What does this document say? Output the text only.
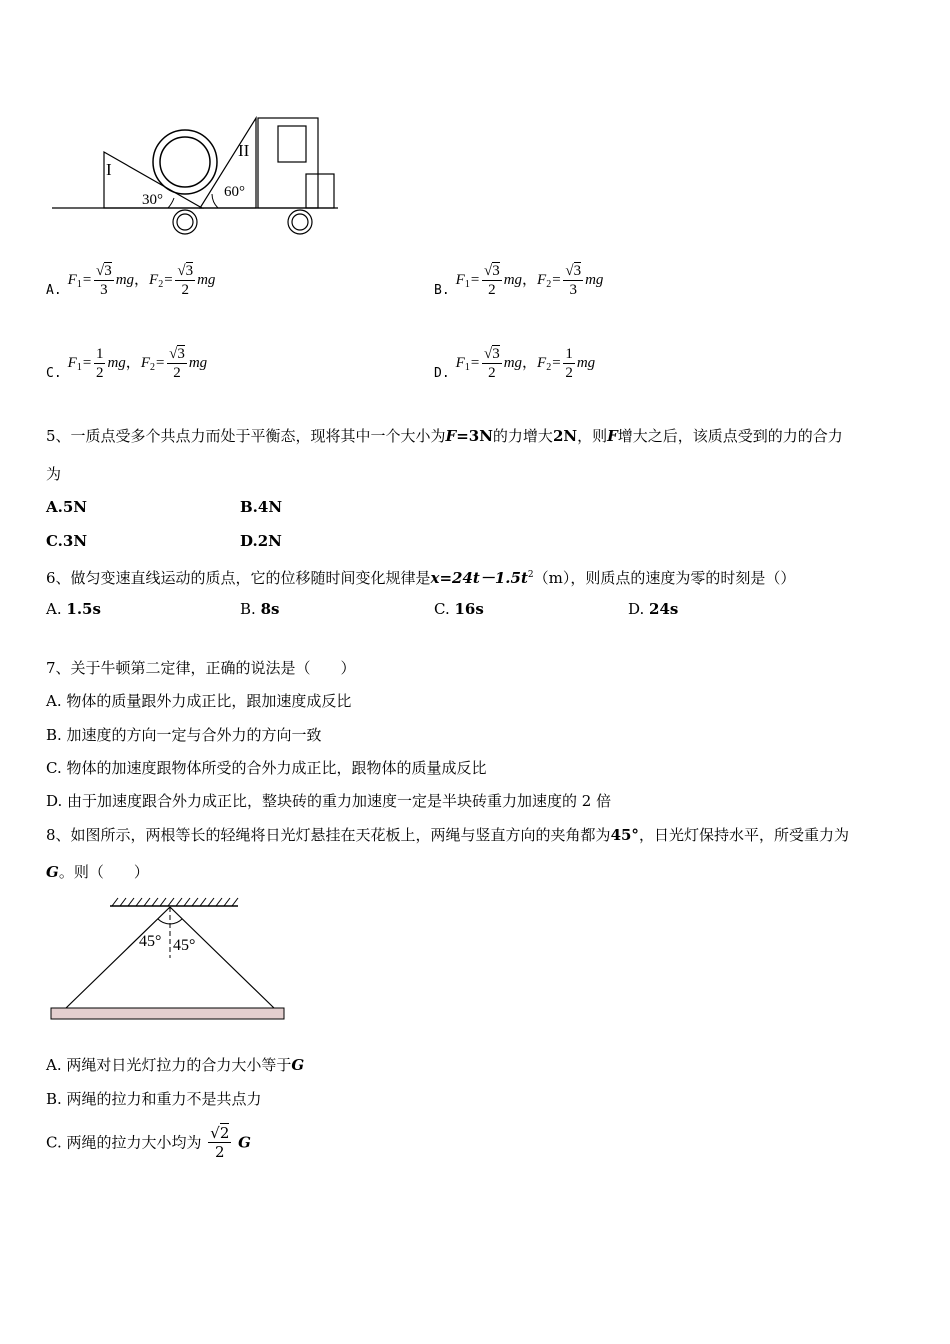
I
II
30°	60°
$A.F_1= \frac{√3}{3}$ mg，$F_2= \frac{√3}{2}$ mg
$B.F_1= \frac{√3}{2}$ mg，$F_2= \frac{√3}{3}$ mg
$C.F_1= \frac{1}{2}$ mg，$F_2= \frac{√3}{2}$ mg
$D.F_1= \frac{√3}{2}$ mg，$F_2= \frac{1}{2}$ mg
5、一质点受多个共点力而处于平衡态，现将其中一个大小为F=3N的力增大2N，则F增大之后，该质点受到的力的合力
为
A.5N	B.4N
C.3N	D.2N
6、做匀变速直线运动的质点，它的位移随时间变化规律是$x=24t-1.5t^2(m)$，则质点的速度为零的时刻是（）
A. 1.5s	B. 8s	C. 16s	D. 24s
7、关于牛顿第二定律，正确的说法是（　　）
A. 物体的质量跟外力成正比，跟加速度成反比
B. 加速度的方向一定与合外力的方向一致
C. 物体的加速度跟物体所受的合外力成正比，跟物体的质量成反比
D. 由于加速度跟合外力成正比，整块砖的重力加速度一定是半块砖重力加速度的 2 倍
8、如图所示，两根等长的轻绳将日光灯悬挂在天花板上，两绳与竖直方向的夹角都为45°，日光灯保持水平，所受重力为
G。则（　　）
45° 45°
A. 两绳对日光灯拉力的合力大小等于G
B. 两绳的拉力和重力不是共点力
C. 两绳的拉力大小均为 $\frac{√2}{2}$ G
